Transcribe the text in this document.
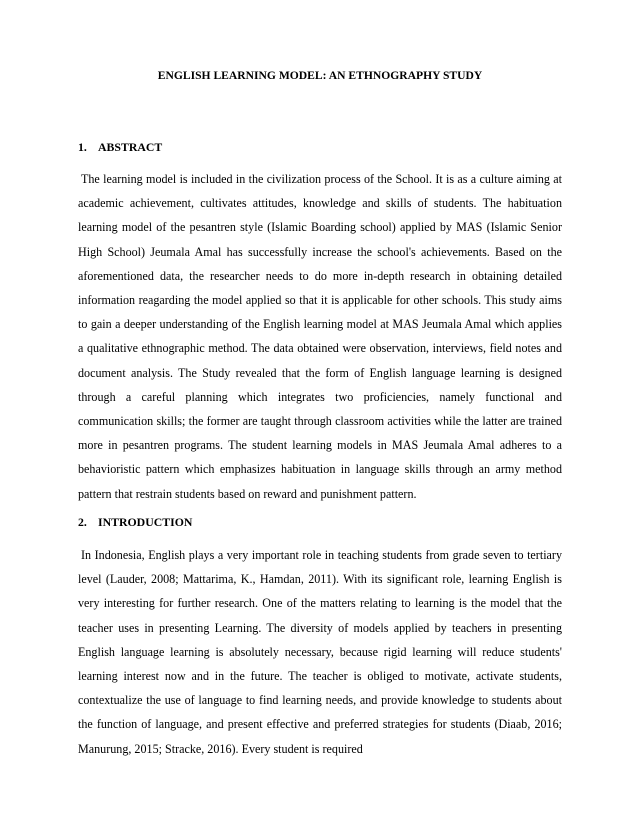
ENGLISH LEARNING MODEL: AN ETHNOGRAPHY STUDY
1. ABSTRACT

The learning model is included in the civilization process of the School. It is as a culture aiming at academic achievement, cultivates attitudes, knowledge and skills of students. The habituation learning model of the pesantren style (Islamic Boarding school) applied by MAS (Islamic Senior High School) Jeumala Amal has successfully increase the school's achievements. Based on the aforementioned data, the researcher needs to do more in-depth research in obtaining detailed information reagarding the model applied so that it is applicable for other schools. This study aims to gain a deeper understanding of the English learning model at MAS Jeumala Amal which applies a qualitative ethnographic method. The data obtained were observation, interviews, field notes and document analysis. The Study revealed that the form of English language learning is designed through a careful planning which integrates two proficiencies, namely functional and communication skills; the former are taught through classroom activities while the latter are trained more in pesantren programs. The student learning models in MAS Jeumala Amal adheres to a behavioristic pattern which emphasizes habituation in language skills through an army method pattern that restrain students based on reward and punishment pattern.

2. INTRODUCTION

In Indonesia, English plays a very important role in teaching students from grade seven to tertiary level (Lauder, 2008; Mattarima, K., Hamdan, 2011). With its significant role, learning English is very interesting for further research. One of the matters relating to learning is the model that the teacher uses in presenting Learning. The diversity of models applied by teachers in presenting English language learning is absolutely necessary, because rigid learning will reduce students' learning interest now and in the future. The teacher is obliged to motivate, activate students, contextualize the use of language to find learning needs, and provide knowledge to students about the function of language, and present effective and preferred strategies for students (Diaab, 2016; Manurung, 2015; Stracke, 2016). Every student is required
